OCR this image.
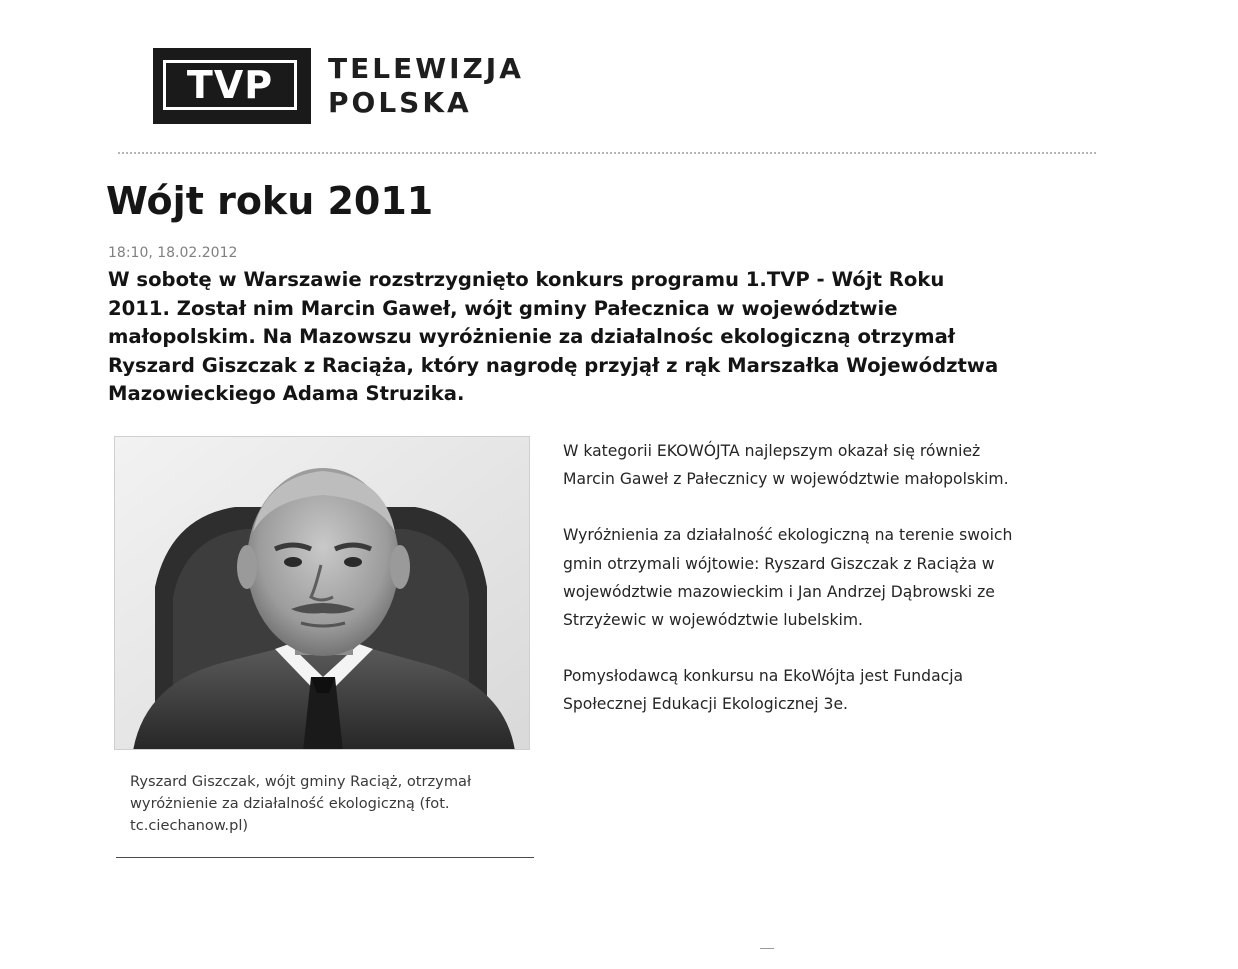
TVP TELEWIZJA
POLSKA
Wójt roku 2011
18:10, 18.02.2012
W sobotę w Warszawie rozstrzygnięto konkurs programu 1.TVP - Wójt Roku
2011. Został nim Marcin Gaweł, wójt gminy Pałecznica w województwie
małopolskim. Na Mazowszu wyróżnienie za działalnośc ekologiczną otrzymał
Ryszard Giszczak z Raciąża, który nagrodę przyjął z rąk Marszałka Województwa
Mazowieckiego Adama Struzika.
Ryszard Giszczak, wójt gminy Raciąż, otrzymał
wyróżnienie za działalność ekologiczną (fot.
tc.ciechanow.pl)
W kategorii EKOWÓJTA najlepszym okazał się również
Marcin Gaweł z Pałecznicy w województwie małopolskim.
Wyróżnienia za działalność ekologiczną na terenie swoich
gmin otrzymali wójtowie: Ryszard Giszczak z Raciąża w
województwie mazowieckim i Jan Andrzej Dąbrowski ze
Strzyżewic w województwie lubelskim.
Pomysłodawcą konkursu na EkoWójta jest Fundacja
Społecznej Edukacji Ekologicznej 3e.
